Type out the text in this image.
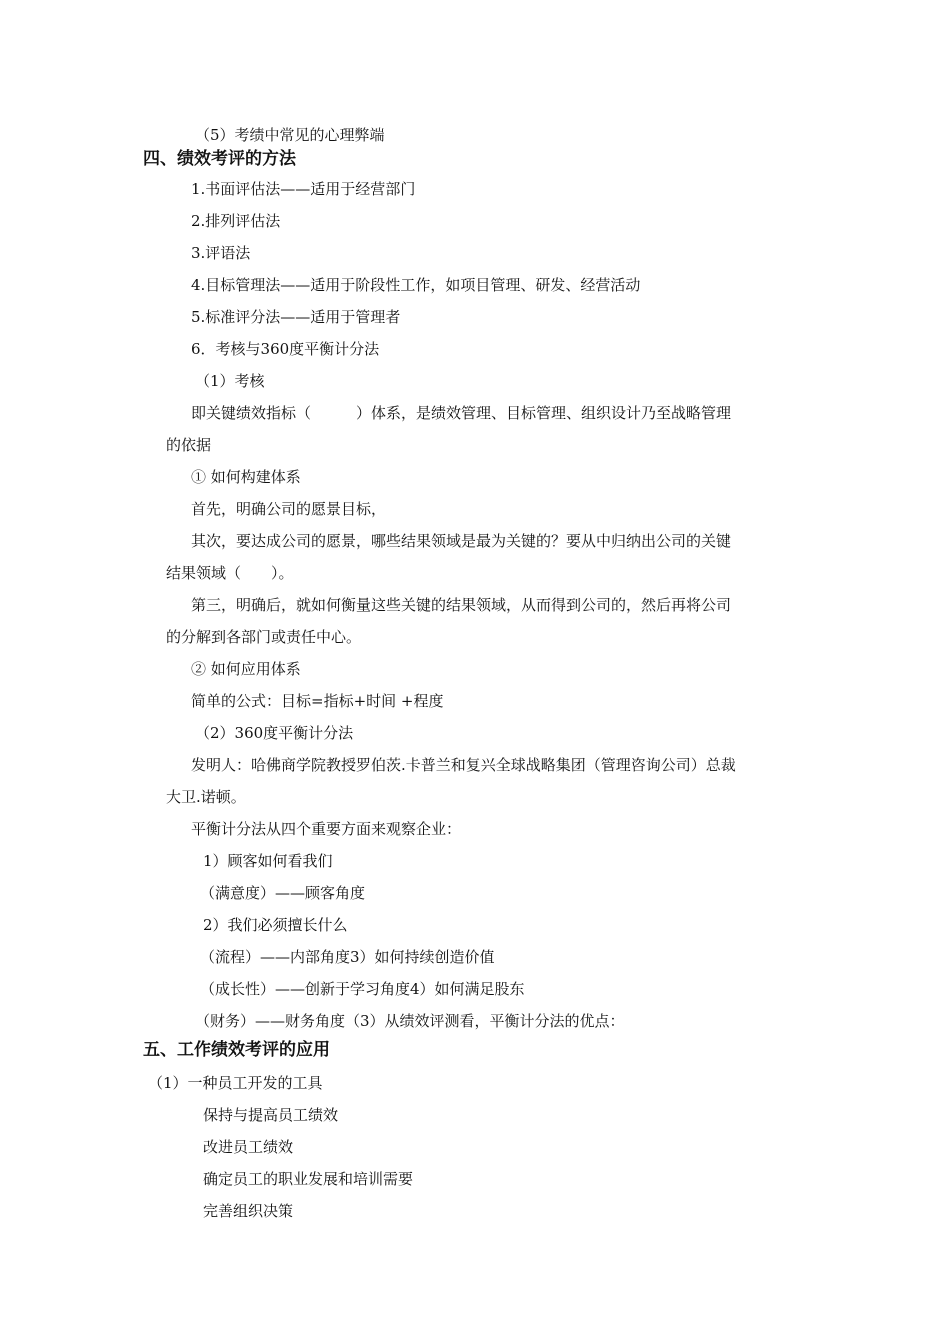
（5）考绩中常见的心理弊端
四、绩效考评的方法
1.书面评估法——适用于经营部门
2.排列评估法
3.评语法
4.目标管理法——适用于阶段性工作，如项目管理、研发、经营活动
5.标准评分法——适用于管理者
6．考核与360度平衡计分法
（1）考核
即关键绩效指标（　　　）体系，是绩效管理、目标管理、组织设计乃至战略管理
的依据
① 如何构建体系
首先，明确公司的愿景目标，
其次，要达成公司的愿景，哪些结果领域是最为关键的？要从中归纳出公司的关键
结果领域（　　）。
第三，明确后，就如何衡量这些关键的结果领域，从而得到公司的，然后再将公司
的分解到各部门或责任中心。
② 如何应用体系
简单的公式：目标=指标+时间 +程度
（2）360度平衡计分法
发明人：哈佛商学院教授罗伯茨.卡普兰和复兴全球战略集团（管理咨询公司）总裁
大卫.诺顿。
平衡计分法从四个重要方面来观察企业：
1）顾客如何看我们
（满意度）——顾客角度
2）我们必须擅长什么
（流程）——内部角度3）如何持续创造价值
（成长性）——创新于学习角度4）如何满足股东
（财务）——财务角度（3）从绩效评测看，平衡计分法的优点：
五、工作绩效考评的应用
（1）一种员工开发的工具
保持与提高员工绩效
改进员工绩效
确定员工的职业发展和培训需要
完善组织决策
